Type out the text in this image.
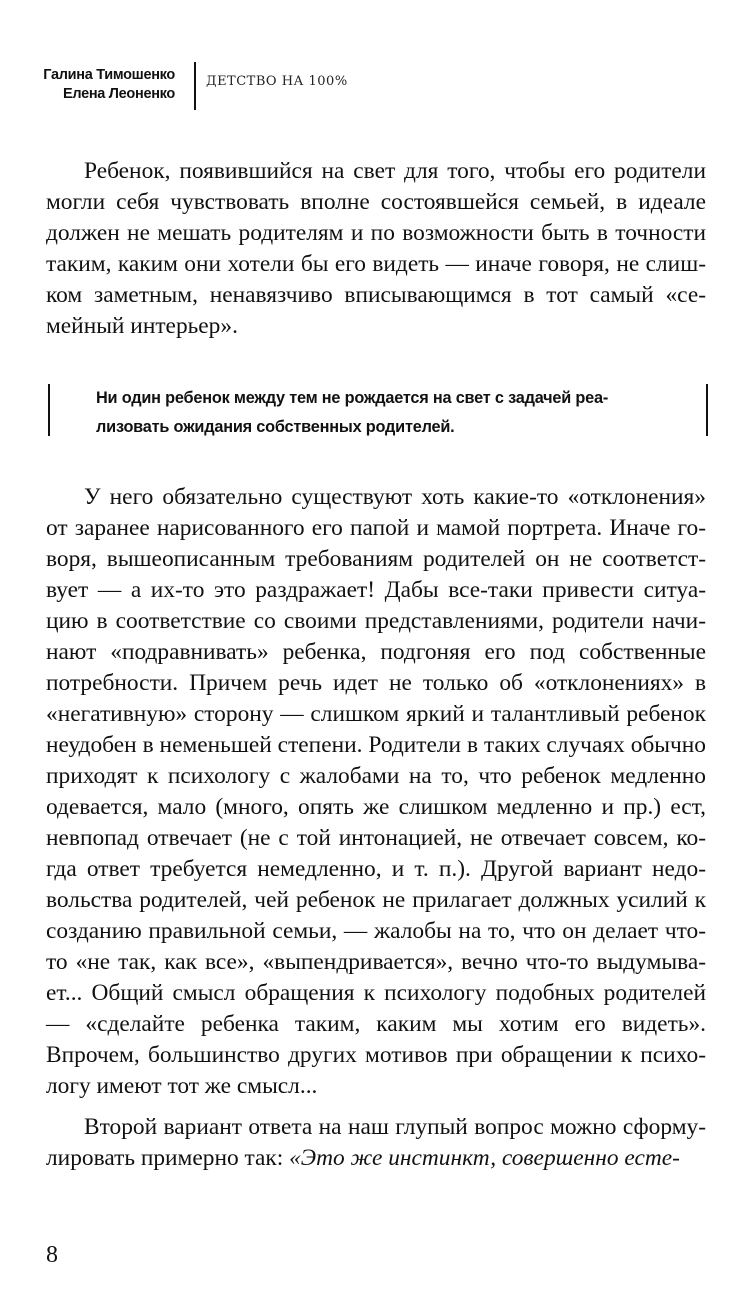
Галина Тимошенко
Елена Леоненко
ДЕТСТВО НА 100%

Ребенок, появившийся на свет для того, чтобы его родители могли себя чувствовать вполне состоявшейся семьей, в идеале должен не мешать родителям и по возможности быть в точности таким, каким они хотели бы его видеть — иначе говоря, не слишком заметным, ненавязчиво вписывающимся в тот самый «семейный интерьер».

Ни один ребенок между тем не рождается на свет с задачей реализовать ожидания собственных родителей.

У него обязательно существуют хоть какие-то «отклонения» от заранее нарисованного его папой и мамой портрета. Иначе говоря, вышеописанным требованиям родителей он не соответствует — а их-то это раздражает! Дабы все-таки привести ситуацию в соответствие со своими представлениями, родители начинают «подравнивать» ребенка, подгоняя его под собственные потребности. Причем речь идет не только об «отклонениях» в «негативную» сторону — слишком яркий и талантливый ребенок неудобен в неменьшей степени. Родители в таких случаях обычно приходят к психологу с жалобами на то, что ребенок медленно одевается, мало (много, опять же слишком медленно и пр.) ест, невпопад отвечает (не с той интонацией, не отвечает совсем, когда ответ требуется немедленно, и т. п.). Другой вариант недовольства родителей, чей ребенок не прилагает должных усилий к созданию правильной семьи, — жалобы на то, что он делает что-то «не так, как все», «выпендривается», вечно что-то выдумывает... Общий смысл обращения к психологу подобных родителей — «сделайте ребенка таким, каким мы хотим его видеть». Впрочем, большинство других мотивов при обращении к психологу имеют тот же смысл...

Второй вариант ответа на наш глупый вопрос можно сформулировать примерно так: «Это же инстинкт, совершенно есте-

8
